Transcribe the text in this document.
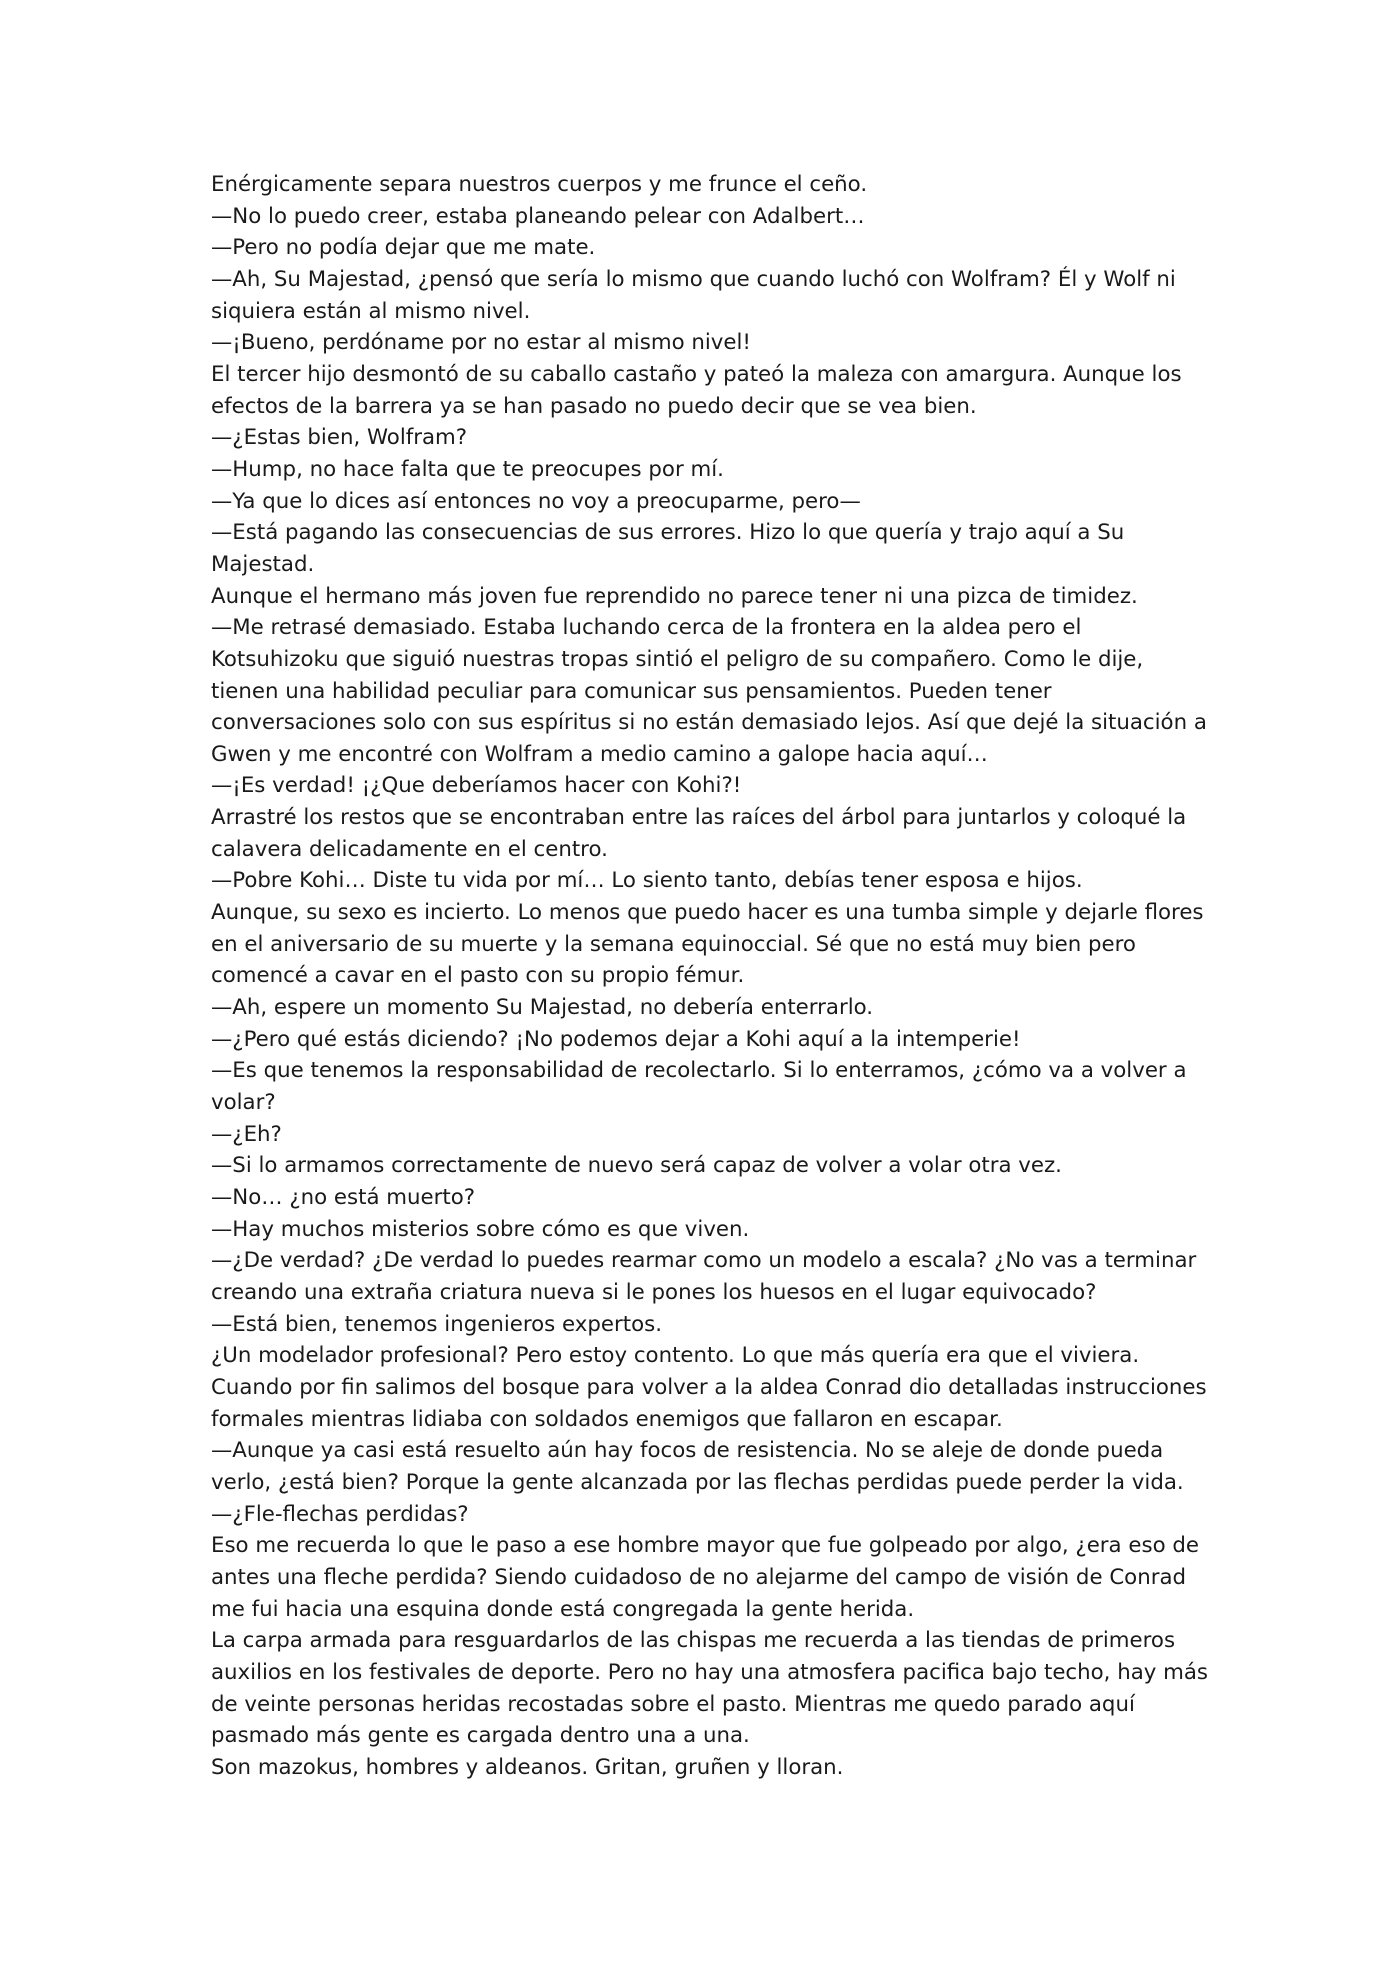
Enérgicamente separa nuestros cuerpos y me frunce el ceño.
—No lo puedo creer, estaba planeando pelear con Adalbert…
—Pero no podía dejar que me mate.
—Ah, Su Majestad, ¿pensó que sería lo mismo que cuando luchó con Wolfram? Él y Wolf ni
siquiera están al mismo nivel.
—¡Bueno, perdóname por no estar al mismo nivel!
El tercer hijo desmontó de su caballo castaño y pateó la maleza con amargura. Aunque los
efectos de la barrera ya se han pasado no puedo decir que se vea bien.
—¿Estas bien, Wolfram?
—Hump, no hace falta que te preocupes por mí.
—Ya que lo dices así entonces no voy a preocuparme, pero—
—Está pagando las consecuencias de sus errores. Hizo lo que quería y trajo aquí a Su
Majestad.
Aunque el hermano más joven fue reprendido no parece tener ni una pizca de timidez.
—Me retrasé demasiado. Estaba luchando cerca de la frontera en la aldea pero el
Kotsuhizoku que siguió nuestras tropas sintió el peligro de su compañero. Como le dije,
tienen una habilidad peculiar para comunicar sus pensamientos. Pueden tener
conversaciones solo con sus espíritus si no están demasiado lejos. Así que dejé la situación a
Gwen y me encontré con Wolfram a medio camino a galope hacia aquí…
—¡Es verdad! ¡¿Que deberíamos hacer con Kohi?!
Arrastré los restos que se encontraban entre las raíces del árbol para juntarlos y coloqué la
calavera delicadamente en el centro.
—Pobre Kohi… Diste tu vida por mí… Lo siento tanto, debías tener esposa e hijos.
Aunque, su sexo es incierto. Lo menos que puedo hacer es una tumba simple y dejarle flores
en el aniversario de su muerte y la semana equinoccial. Sé que no está muy bien pero
comencé a cavar en el pasto con su propio fémur.
—Ah, espere un momento Su Majestad, no debería enterrarlo.
—¿Pero qué estás diciendo? ¡No podemos dejar a Kohi aquí a la intemperie!
—Es que tenemos la responsabilidad de recolectarlo. Si lo enterramos, ¿cómo va a volver a
volar?
—¿Eh?
—Si lo armamos correctamente de nuevo será capaz de volver a volar otra vez.
—No… ¿no está muerto?
—Hay muchos misterios sobre cómo es que viven.
—¿De verdad? ¿De verdad lo puedes rearmar como un modelo a escala? ¿No vas a terminar
creando una extraña criatura nueva si le pones los huesos en el lugar equivocado?
—Está bien, tenemos ingenieros expertos.
¿Un modelador profesional? Pero estoy contento. Lo que más quería era que el viviera.
Cuando por fin salimos del bosque para volver a la aldea Conrad dio detalladas instrucciones
formales mientras lidiaba con soldados enemigos que fallaron en escapar.
—Aunque ya casi está resuelto aún hay focos de resistencia. No se aleje de donde pueda
verlo, ¿está bien? Porque la gente alcanzada por las flechas perdidas puede perder la vida.
—¿Fle-flechas perdidas?
Eso me recuerda lo que le paso a ese hombre mayor que fue golpeado por algo, ¿era eso de
antes una fleche perdida? Siendo cuidadoso de no alejarme del campo de visión de Conrad
me fui hacia una esquina donde está congregada la gente herida.
La carpa armada para resguardarlos de las chispas me recuerda a las tiendas de primeros
auxilios en los festivales de deporte. Pero no hay una atmosfera pacifica bajo techo, hay más
de veinte personas heridas recostadas sobre el pasto. Mientras me quedo parado aquí
pasmado más gente es cargada dentro una a una.
Son mazokus, hombres y aldeanos. Gritan, gruñen y lloran.
